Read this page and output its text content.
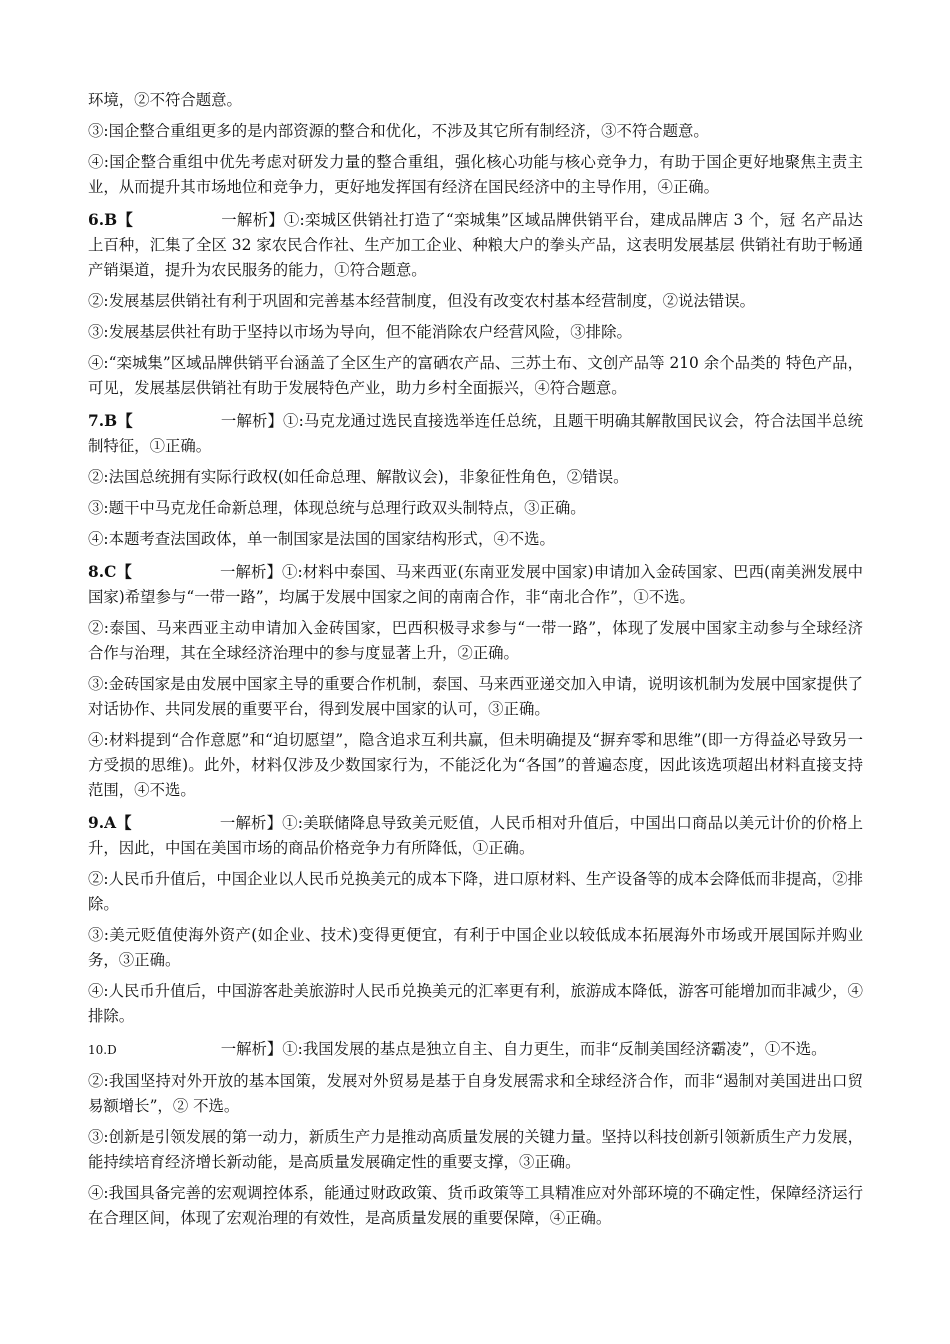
环境，②不符合题意。

③:国企整合重组更多的是内部资源的整合和优化，不涉及其它所有制经济，③不符合题意。

④:国企整合重组中优先考虑对研发力量的整合重组，强化核心功能与核心竞争力，有助于国企更好地聚焦主责主业，从而提升其市场地位和竞争力，更好地发挥国有经济在国民经济中的主导作用，④正确。

6.B【	一解析】①:栾城区供销社打造了“栾城集”区域品牌供销平台，建成品牌店 3 个，冠 名产品达上百种，汇集了全区 32 家农民合作社、生产加工企业、种粮大户的拳头产品，这表明发展基层 供销社有助于畅通产销渠道，提升为农民服务的能力，①符合题意。

②:发展基层供销社有利于巩固和完善基本经营制度，但没有改变农村基本经营制度，②说法错误。

③:发展基层供社有助于坚持以市场为导向，但不能消除农户经营风险，③排除。

④:“栾城集”区域品牌供销平台涵盖了全区生产的富硒农产品、三苏土布、文创产品等 210 余个品类的 特色产品，可见，发展基层供销社有助于发展特色产业，助力乡村全面振兴，④符合题意。

7.B【	一解析】①:马克龙通过选民直接选举连任总统，且题干明确其解散国民议会，符合法国半总统制特征，①正确。

②:法国总统拥有实际行政权(如任命总理、解散议会)，非象征性角色，②错误。

③:题干中马克龙任命新总理，体现总统与总理行政双头制特点，③正确。

④:本题考查法国政体，单一制国家是法国的国家结构形式，④不选。

8.C【	一解析】①:材料中泰国、马来西亚(东南亚发展中国家)申请加入金砖国家、巴西(南美洲发展中国家)希望参与“一带一路”，均属于发展中国家之间的南南合作，非“南北合作”，①不选。

②:泰国、马来西亚主动申请加入金砖国家，巴西积极寻求参与“一带一路”，体现了发展中国家主动参与全球经济合作与治理，其在全球经济治理中的参与度显著上升，②正确。

③:金砖国家是由发展中国家主导的重要合作机制，泰国、马来西亚递交加入申请，说明该机制为发展中国家提供了对话协作、共同发展的重要平台，得到发展中国家的认可，③正确。

④:材料提到“合作意愿”和“迫切愿望”，隐含追求互利共赢，但未明确提及“摒弃零和思维”(即一方得益必导致另一方受损的思维)。此外，材料仅涉及少数国家行为，不能泛化为“各国”的普遍态度，因此该选项超出材料直接支持范围，④不选。

9.A【	一解析】①:美联储降息导致美元贬值，人民币相对升值后，中国出口商品以美元计价的价格上升，因此，中国在美国市场的商品价格竞争力有所降低，①正确。

②:人民币升值后，中国企业以人民币兑换美元的成本下降，进口原材料、生产设备等的成本会降低而非提高，②排除。

③:美元贬值使海外资产(如企业、技术)变得更便宜，有利于中国企业以较低成本拓展海外市场或开展国际并购业务，③正确。

④:人民币升值后，中国游客赴美旅游时人民币兑换美元的汇率更有利，旅游成本降低，游客可能增加而非减少，④排除。

10.D	一解析】①:我国发展的基点是独立自主、自力更生，而非“反制美国经济霸凌”，①不选。

②:我国坚持对外开放的基本国策，发展对外贸易是基于自身发展需求和全球经济合作，而非“遏制对美国进出口贸易额增长”，② 不选。

③:创新是引领发展的第一动力，新质生产力是推动高质量发展的关键力量。坚持以科技创新引领新质生产力发展，能持续培育经济增长新动能，是高质量发展确定性的重要支撑，③正确。

④:我国具备完善的宏观调控体系，能通过财政政策、货币政策等工具精准应对外部环境的不确定性，保障经济运行在合理区间，体现了宏观治理的有效性，是高质量发展的重要保障，④正确。
